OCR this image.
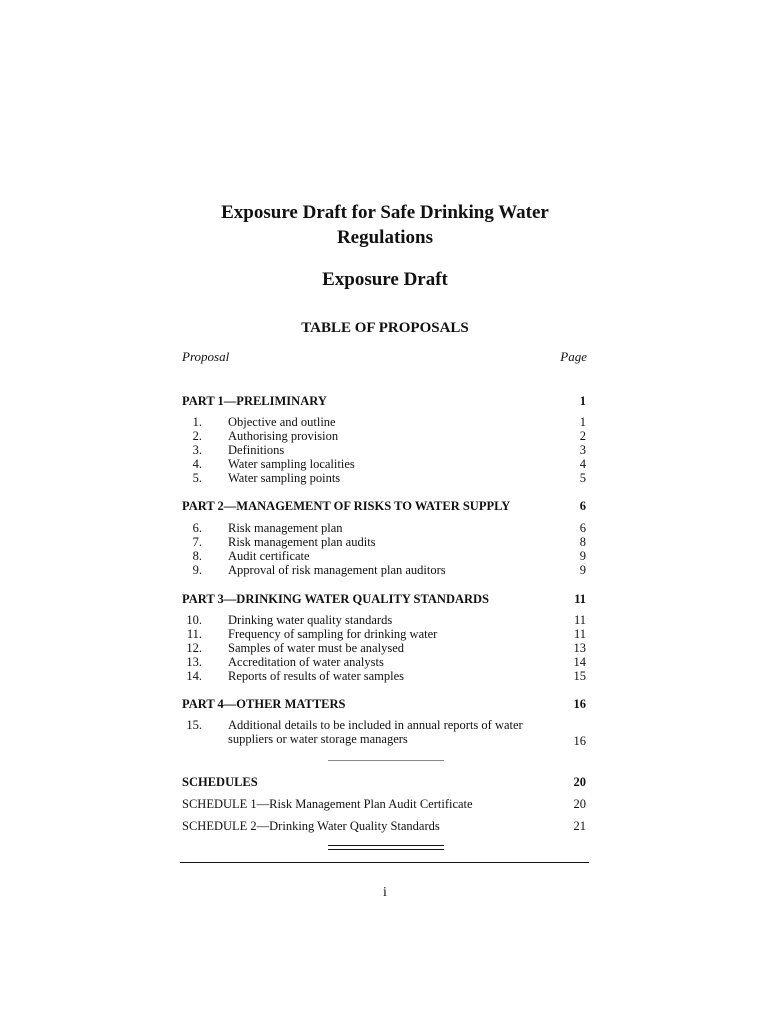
Exposure Draft for Safe Drinking Water Regulations
Exposure Draft
TABLE OF PROPOSALS
Proposal	Page
PART 1—PRELIMINARY	1
1. Objective and outline	1
2. Authorising provision	2
3. Definitions	3
4. Water sampling localities	4
5. Water sampling points	5
PART 2—MANAGEMENT OF RISKS TO WATER SUPPLY	6
6. Risk management plan	6
7. Risk management plan audits	8
8. Audit certificate	9
9. Approval of risk management plan auditors	9
PART 3—DRINKING WATER QUALITY STANDARDS	11
10. Drinking water quality standards	11
11. Frequency of sampling for drinking water	11
12. Samples of water must be analysed	13
13. Accreditation of water analysts	14
14. Reports of results of water samples	15
PART 4—OTHER MATTERS	16
15. Additional details to be included in annual reports of water suppliers or water storage managers	16
SCHEDULES	20
SCHEDULE 1—Risk Management Plan Audit Certificate	20
SCHEDULE 2—Drinking Water Quality Standards	21
i
